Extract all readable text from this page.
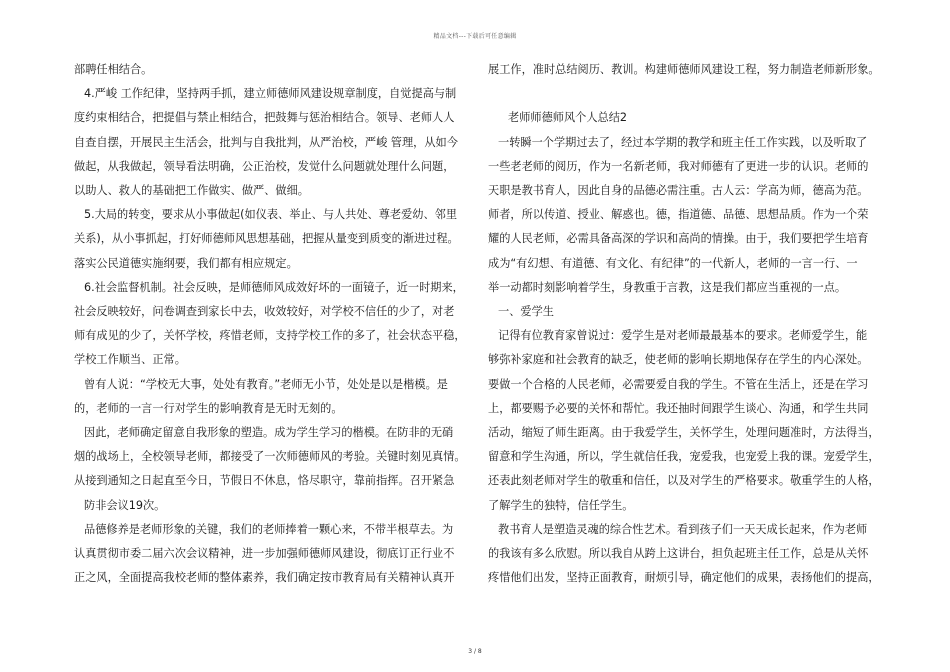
精品文档---下载后可任意编辑

部聘任相结合。

4.严峻 工作纪律，坚持两手抓，建立师德师风建设规章制度，自觉提高与制

度约束相结合，把提倡与禁止相结合，把鼓舞与惩治相结合。领导、老师人人

自查自摆，开展民主生活会，批判与自我批判，从严治校，严峻 管理，从如今

做起，从我做起，领导看法明确，公正治校，发觉什么问题就处理什么问题，

以助人、救人的基础把工作做实、做严、做细。

5.大局的转变，要求从小事做起(如仪表、举止、与人共处、尊老爱幼、邻里

关系)，从小事抓起，打好师德师风思想基础，把握从量变到质变的渐进过程。

落实公民道德实施纲要，我们都有相应规定。

6.社会监督机制。社会反映，是师德师风成效好坏的一面镜子，近一时期来，

社会反映较好，问卷调查到家长中去，收效较好，对学校不信任的少了，对老

师有成见的少了，关怀学校，疼惜老师，支持学校工作的多了，社会状态平稳，

学校工作顺当、正常。

曾有人说：“学校无大事，处处有教育。”老师无小节，处处是以是楷模。是

的，老师的一言一行对学生的影响教育是无时无刻的。

因此，老师确定留意自我形象的塑造。成为学生学习的楷模。在防非的无硝

烟的战场上，全校领导老师，都接受了一次师德师风的考验。关键时刻见真情。

从接到通知之日起直至今日，节假日不休息，恪尽职守，靠前指挥。召开紧急

防非会议19次。

品德修养是老师形象的关键，我们的老师捧着一颗心来，不带半根草去。为

认真贯彻市委二届六次会议精神，进一步加强师德师风建设，彻底订正行业不

正之风，全面提高我校老师的整体素养，我们确定按市教育局有关精神认真开

展工作，准时总结阅历、教训。构建师德师风建设工程，努力制造老师新形象。

老师师德师风个人总结2

一转瞬一个学期过去了，经过本学期的教学和班主任工作实践，以及听取了

一些老老师的阅历，作为一名新老师，我对师德有了更进一步的认识。老师的

天职是教书育人，因此自身的品德必需注重。古人云：学高为师，德高为范。

师者，所以传道、授业、解惑也。德，指道德、品德、思想品质。作为一个荣

耀的人民老师，必需具备高深的学识和高尚的情操。由于，我们要把学生培育

成为“有幻想、有道德、有文化、有纪律”的一代新人，老师的一言一行、一

举一动都时刻影响着学生，身教重于言教，这是我们都应当重视的一点。

一、爱学生

记得有位教育家曾说过：爱学生是对老师最最基本的要求。老师爱学生，能

够弥补家庭和社会教育的缺乏，使老师的影响长期地保存在学生的内心深处。

要做一个合格的人民老师，必需要爱自我的学生。不管在生活上，还是在学习

上，都要赐予必要的关怀和帮忙。我还抽时间跟学生谈心、沟通，和学生共同

活动，缩短了师生距离。由于我爱学生，关怀学生，处理问题准时，方法得当，

留意和学生沟通，所以，学生就信任我，宠爱我，也宠爱上我的课。宠爱学生，

还表此刻老师对学生的敬重和信任，以及对学生的严格要求。敬重学生的人格，

了解学生的独特，信任学生。

教书育人是塑造灵魂的综合性艺术。看到孩子们一天天成长起来，作为老师

的我该有多么欣慰。所以我自从跨上这讲台，担负起班主任工作，总是从关怀

疼惜他们出发，坚持正面教育，耐烦引导，确定他们的成果，表扬他们的提高，

3 / 8
